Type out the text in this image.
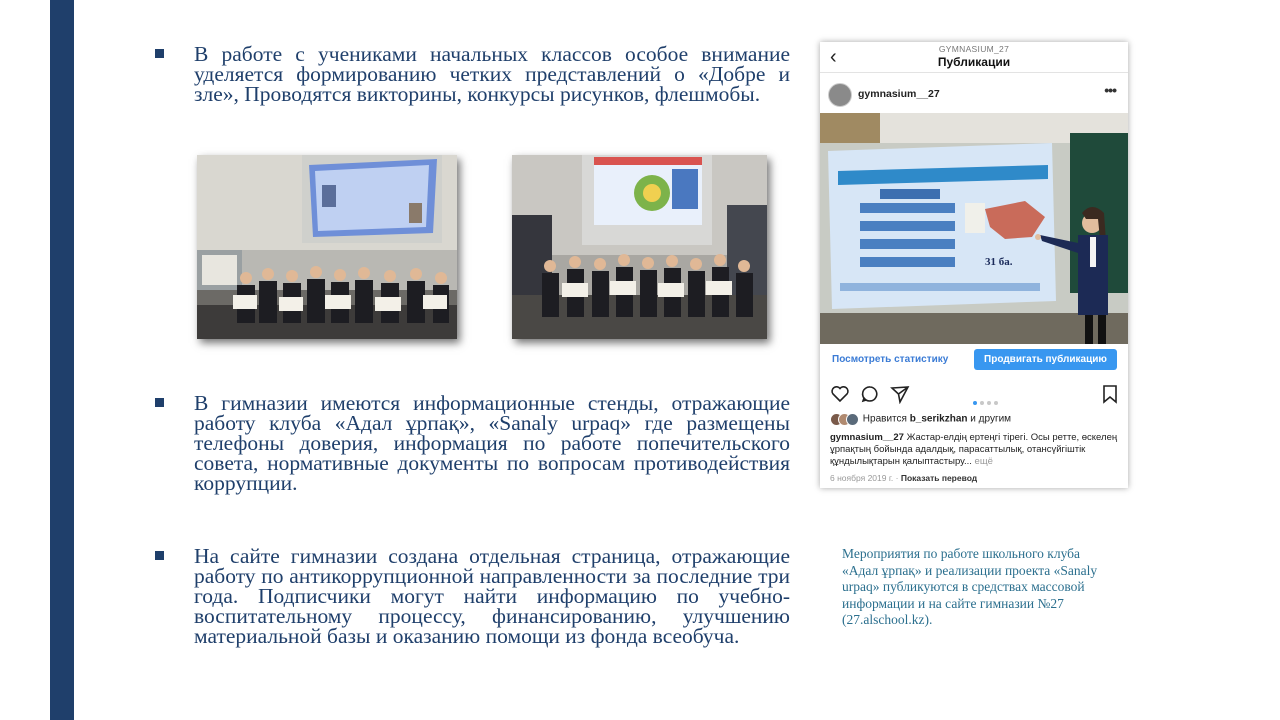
В работе с учениками начальных классов особое внимание уделяется формированию четких представлений о «Добре и зле», Проводятся викторины, конкурсы рисунков, флешмобы.
В гимназии имеются информационные стенды, отражающие работу клуба «Адал ұрпақ», «Sanaly urpaq» где размещены телефоны доверия, информация по работе попечительского совета, нормативные документы по вопросам противодействия коррупции.
На сайте гимназии создана отдельная страница, отражающие работу по антикоррупционной направленности за последние три года. Подписчики могут найти информацию по учебно-воспитательному процессу, финансированию, улучшению материальной базы и оказанию помощи из фонда всеобуча.
‹	GYMNASIUM_27
Публикации
gymnasium__27	•••
31 ба.
Посмотреть статистику	Продвигать публикацию
Нравится b_serikzhan и другим
gymnasium__27 Жастар-елдің ертеңгі тірегі. Осы ретте, өскелең ұрпақтың бойында адалдық, парасаттылық, отансүйгіштік құндылықтарын қалыптастыру... ещё
6 ноября 2019 г. · Показать перевод
Мероприятия по работе школьного клуба «Адал ұрпақ» и реализации проекта «Sanaly urpaq» публикуются в средствах массовой информации и на сайте гимназии №27 (27.alschool.kz).
